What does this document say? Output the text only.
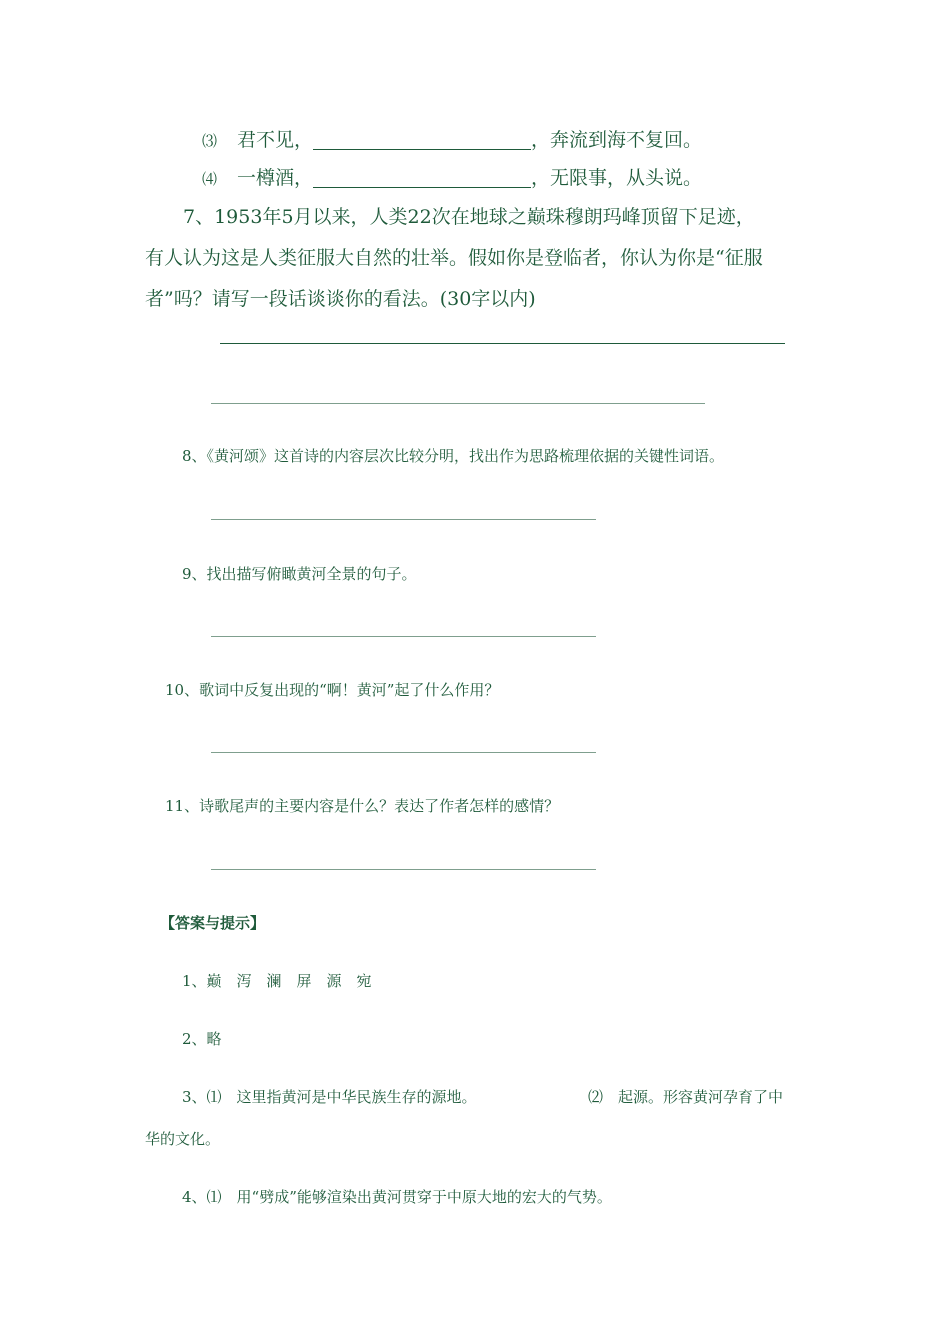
⑶ 君不见，	，奔流到海不复回。
⑷ 一樽酒，	，无限事，从头说。
7、1953年5月以来，人类22次在地球之巅珠穆朗玛峰顶留下足迹，
有人认为这是人类征服大自然的壮举。假如你是登临者，你认为你是“征服
者”吗？请写一段话谈谈你的看法。(30字以内)
8、《黄河颂》这首诗的内容层次比较分明，找出作为思路梳理依据的关键性词语。
9、找出描写俯瞰黄河全景的句子。
10、歌词中反复出现的“啊！黄河”起了什么作用？
11、诗歌尾声的主要内容是什么？表达了作者怎样的感情？
【答案与提示】
1、巅　泻　澜　屏　源　宛
2、略
3、⑴　这里指黄河是中华民族生存的源地。	⑵　起源。形容黄河孕育了中
华的文化。
4、⑴　用“劈成”能够渲染出黄河贯穿于中原大地的宏大的气势。
